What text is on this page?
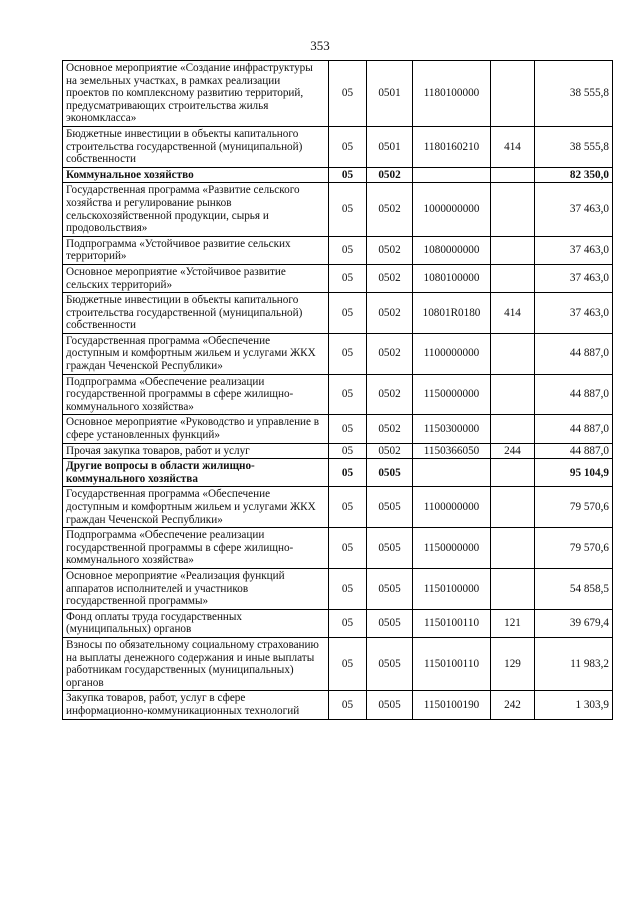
353
Основное мероприятие «Создание инфраструктуры на земельных участках, в рамках реализации проектов по комплексному развитию территорий, предусматривающих строительства жилья экономкласса»	05	0501	1180100000		38 555,8
Бюджетные инвестиции в объекты капитального строительства государственной (муниципальной) собственности	05	0501	1180160210	414	38 555,8
Коммунальное хозяйство	05	0502			82 350,0
Государственная программа «Развитие сельского хозяйства и регулирование рынков сельскохозяйственной продукции, сырья и продовольствия»	05	0502	1000000000		37 463,0
Подпрограмма «Устойчивое развитие сельских территорий»	05	0502	1080000000		37 463,0
Основное мероприятие «Устойчивое развитие сельских территорий»	05	0502	1080100000		37 463,0
Бюджетные инвестиции в объекты капитального строительства государственной (муниципальной) собственности	05	0502	10801R0180	414	37 463,0
Государственная программа «Обеспечение доступным и комфортным жильем и услугами ЖКХ граждан Чеченской Республики»	05	0502	1100000000		44 887,0
Подпрограмма «Обеспечение реализации государственной программы в сфере жилищно-коммунального хозяйства»	05	0502	1150000000		44 887,0
Основное мероприятие «Руководство и управление в сфере установленных функций»	05	0502	1150300000		44 887,0
Прочая закупка товаров, работ и услуг	05	0502	1150366050	244	44 887,0
Другие вопросы в области жилищно-коммунального хозяйства	05	0505			95 104,9
Государственная программа «Обеспечение доступным и комфортным жильем и услугами ЖКХ граждан Чеченской Республики»	05	0505	1100000000		79 570,6
Подпрограмма «Обеспечение реализации государственной программы в сфере жилищно-коммунального хозяйства»	05	0505	1150000000		79 570,6
Основное мероприятие «Реализация функций аппаратов исполнителей и участников государственной программы»	05	0505	1150100000		54 858,5
Фонд оплаты труда государственных (муниципальных) органов	05	0505	1150100110	121	39 679,4
Взносы по обязательному социальному страхованию на выплаты денежного содержания и иные выплаты работникам государственных (муниципальных) органов	05	0505	1150100110	129	11 983,2
Закупка товаров, работ, услуг в сфере информационно-коммуникационных технологий	05	0505	1150100190	242	1 303,9
